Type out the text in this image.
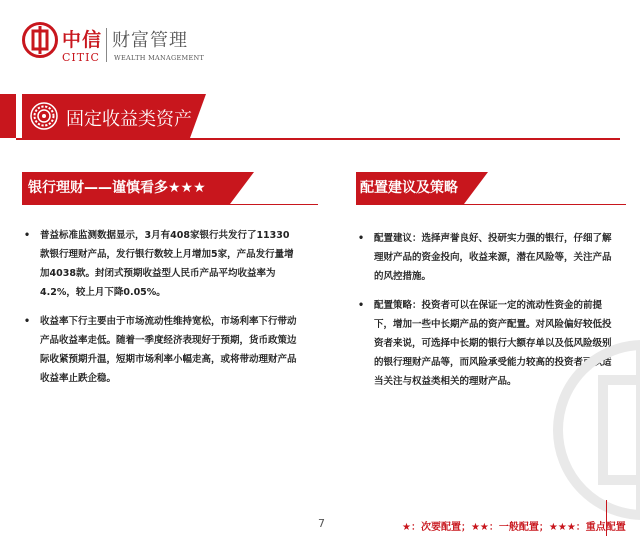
中信 财富管理
CITIC WEALTH MANAGEMENT
固定收益类资产
银行理财——谨慎看多★★★	配置建议及策略
• 普益标准监测数据显示，3月有408家银行共发行了11330款银行理财产品，发行银行数较上月增加5家，产品发行量增加4038款。封闭式预期收益型人民币产品平均收益率为4.2%，较上月下降0.05%。
• 收益率下行主要由于市场流动性维持宽松，市场利率下行带动产品收益率走低。随着一季度经济表现好于预期，货币政策边际收紧预期升温，短期市场利率小幅走高，或将带动理财产品收益率止跌企稳。
• 配置建议：选择声誉良好、投研实力强的银行，仔细了解理财产品的资金投向，收益来源，潜在风险等，关注产品的风控措施。
• 配置策略：投资者可以在保证一定的流动性资金的前提下，增加一些中长期产品的资产配置。对风险偏好较低投资者来说，可选择中长期的银行大额存单以及低风险级别的银行理财产品等，而风险承受能力较高的投资者可以适当关注与权益类相关的理财产品。
7	★：次要配置；★★：一般配置；★★★：重点配置
